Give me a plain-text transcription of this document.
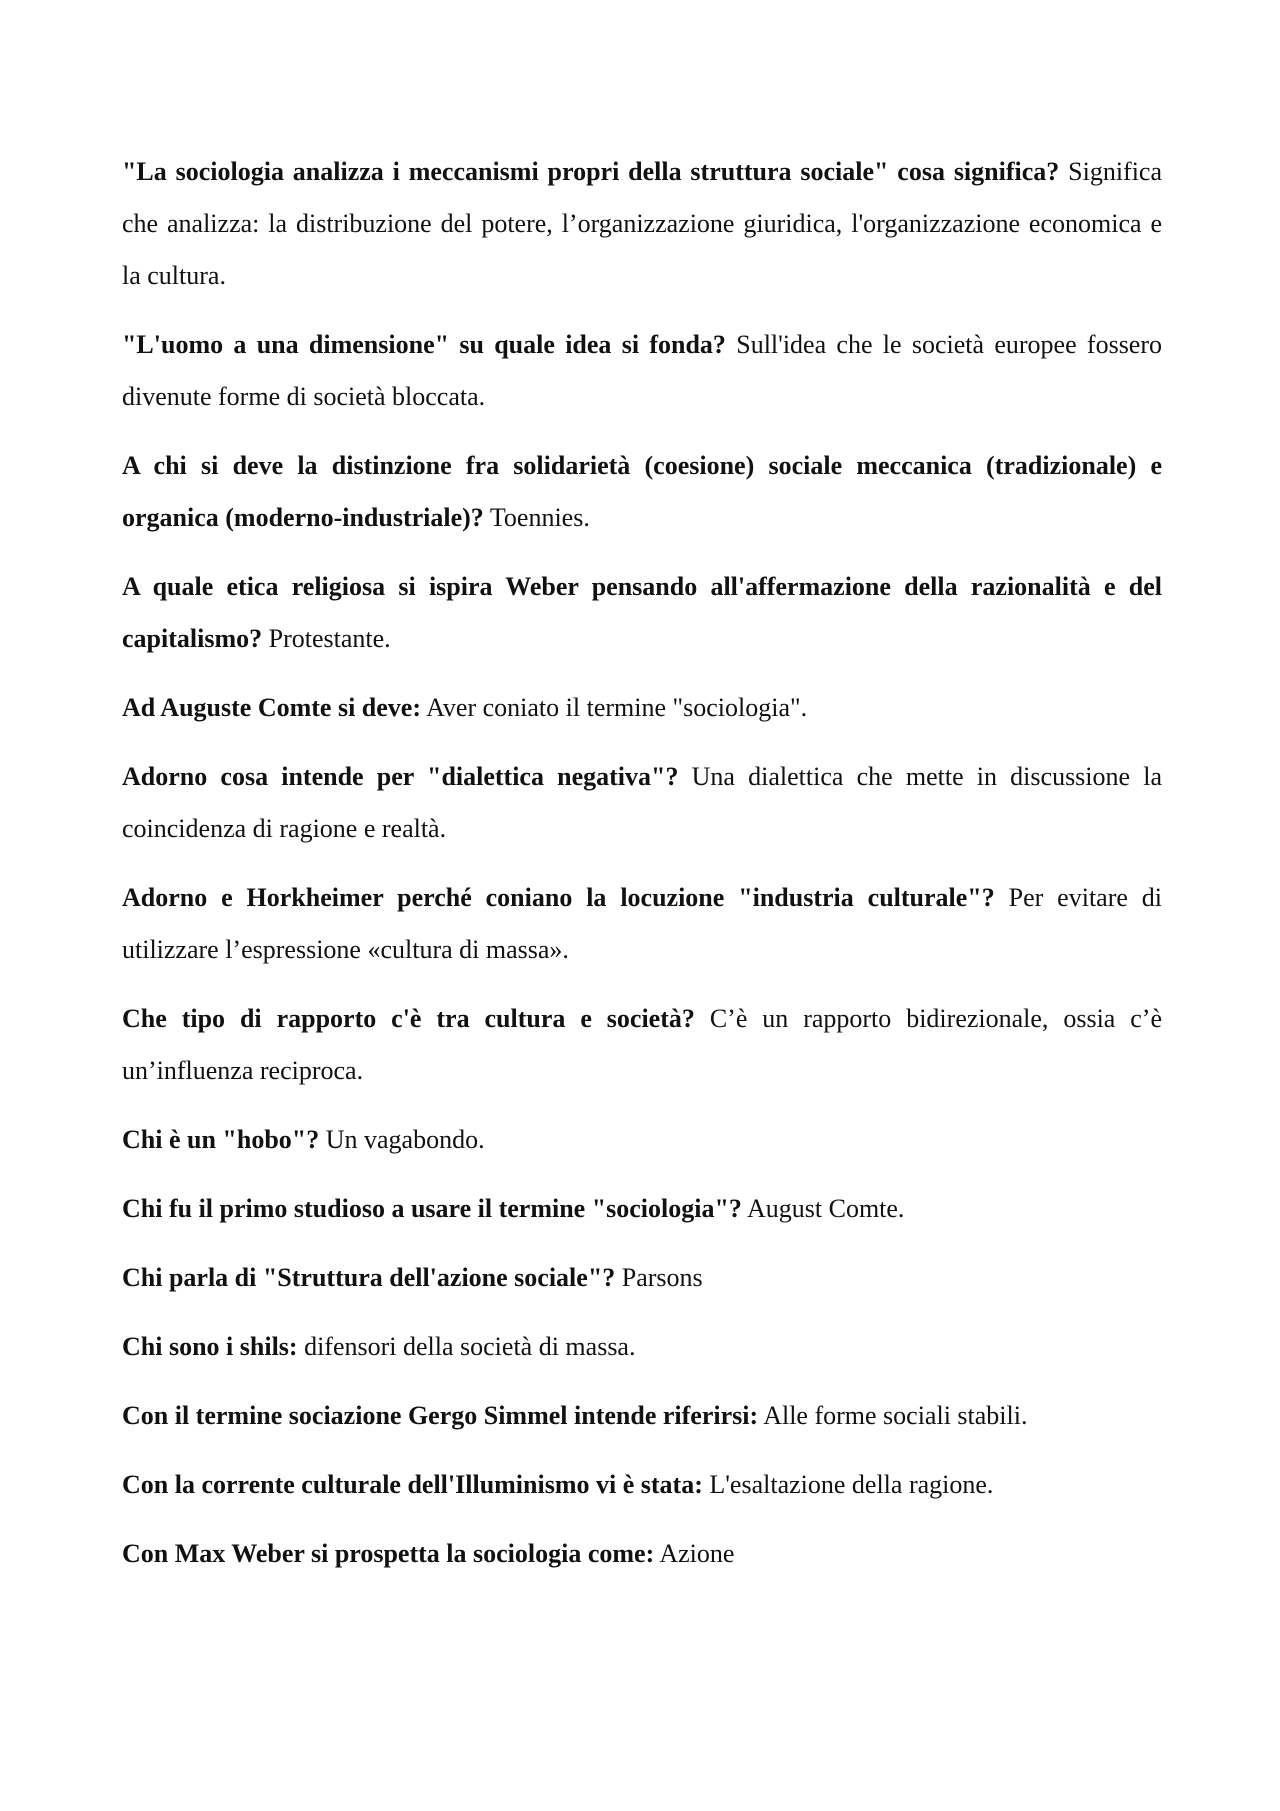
"La sociologia analizza i meccanismi propri della struttura sociale" cosa significa? Significa che analizza: la distribuzione del potere, l’organizzazione giuridica, l'organizzazione economica e la cultura.

"L'uomo a una dimensione" su quale idea si fonda? Sull'idea che le società europee fossero divenute forme di società bloccata.

A chi si deve la distinzione fra solidarietà (coesione) sociale meccanica (tradizionale) e organica (moderno-industriale)? Toennies.

A quale etica religiosa si ispira Weber pensando all'affermazione della razionalità e del capitalismo? Protestante.

Ad Auguste Comte si deve: Aver coniato il termine "sociologia".

Adorno cosa intende per "dialettica negativa"? Una dialettica che mette in discussione la coincidenza di ragione e realtà.

Adorno e Horkheimer perché coniano la locuzione "industria culturale"? Per evitare di utilizzare l’espressione «cultura di massa».

Che tipo di rapporto c'è tra cultura e società? C’è un rapporto bidirezionale, ossia c’è un’influenza reciproca.

Chi è un "hobo"? Un vagabondo.

Chi fu il primo studioso a usare il termine "sociologia"? August Comte.

Chi parla di "Struttura dell'azione sociale"? Parsons

Chi sono i shils: difensori della società di massa.

Con il termine sociazione Gergo Simmel intende riferirsi: Alle forme sociali stabili.

Con la corrente culturale dell'Illuminismo vi è stata: L'esaltazione della ragione.

Con Max Weber si prospetta la sociologia come: Azione
